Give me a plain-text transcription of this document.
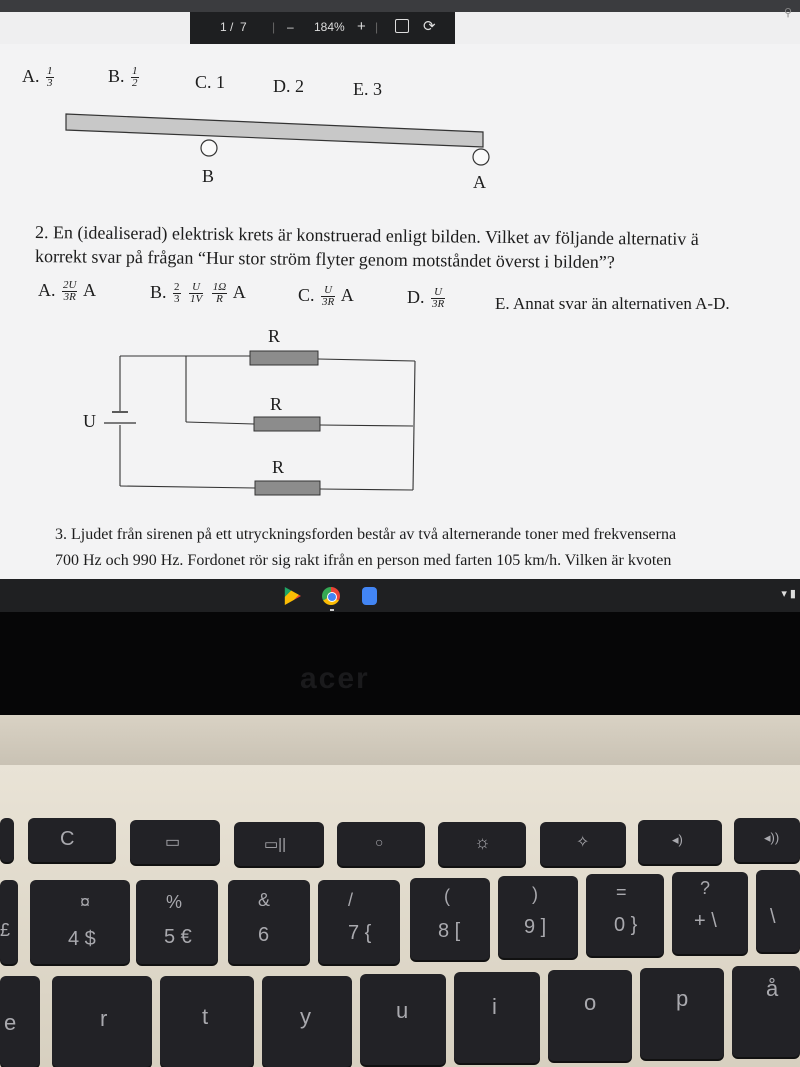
⚲
1 / 7 | – 184% + |	⟳
A. $\frac{1}{3}$	B. $\frac{1}{2}$	C. 1	D. 2	E. 3
B	A
2. En (idealiserad) elektrisk krets är konstruerad enligt bilden. Vilket av följande alternativ ä
korrekt svar på frågan “Hur stor ström flyter genom motståndet överst i bilden”?
A. $\frac{2U}{3R}$ A	B. $\frac{2}{3}$
$\frac{U}{1V}$
$\frac{1\Omega}{R}$ A	C. $\frac{U}{3R}$ A	D. $\frac{U}{3R}$	E. Annat svar än alternativen A-D.
R
R
R
U
3. Ljudet från sirenen på ett utryckningsforden består av två alternerande toner med frekvenserna
700 Hz och 990 Hz. Fordonet rör sig rakt ifrån en person med farten 105 km/h. Vilken är kvoten
▾ ▮
acer
C	▭	▭||	○	☼	✧	◂)	◂))
£
¤
4 $
%
5 €
&
6
/
7 {
(
8 [
)
9 ]
=
0 }
?
+ \	\
e	r	t	y	u	i	o	p	å
